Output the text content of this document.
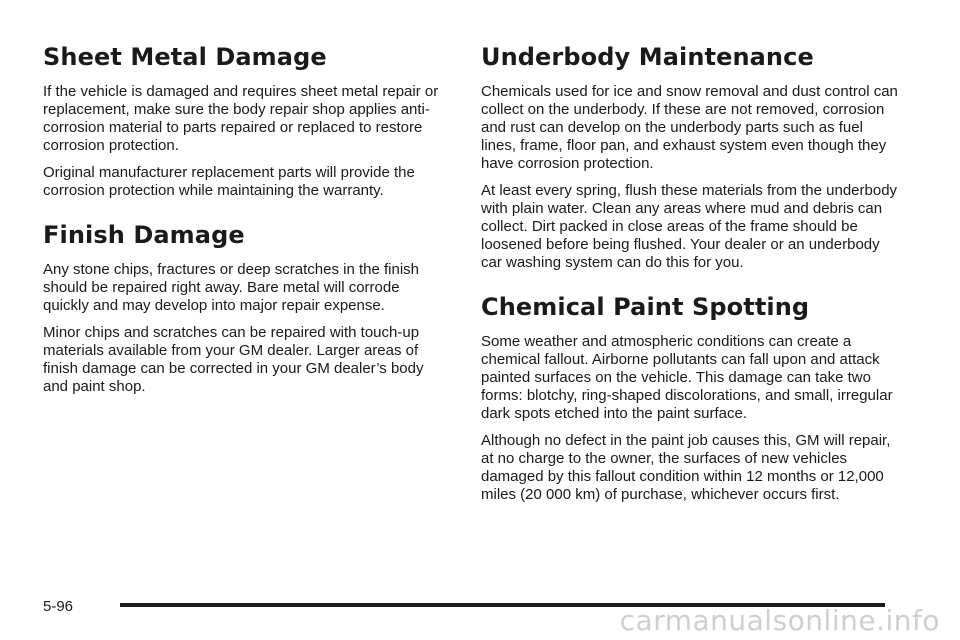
Sheet Metal Damage

If the vehicle is damaged and requires sheet metal repair or replacement, make sure the body repair shop applies anti-corrosion material to parts repaired or replaced to restore corrosion protection.

Original manufacturer replacement parts will provide the corrosion protection while maintaining the warranty.

Finish Damage

Any stone chips, fractures or deep scratches in the finish should be repaired right away. Bare metal will corrode quickly and may develop into major repair expense.

Minor chips and scratches can be repaired with touch-up materials available from your GM dealer. Larger areas of finish damage can be corrected in your GM dealer’s body and paint shop.

Underbody Maintenance

Chemicals used for ice and snow removal and dust control can collect on the underbody. If these are not removed, corrosion and rust can develop on the underbody parts such as fuel lines, frame, floor pan, and exhaust system even though they have corrosion protection.

At least every spring, flush these materials from the underbody with plain water. Clean any areas where mud and debris can collect. Dirt packed in close areas of the frame should be loosened before being flushed. Your dealer or an underbody car washing system can do this for you.

Chemical Paint Spotting

Some weather and atmospheric conditions can create a chemical fallout. Airborne pollutants can fall upon and attack painted surfaces on the vehicle. This damage can take two forms: blotchy, ring-shaped discolorations, and small, irregular dark spots etched into the paint surface.

Although no defect in the paint job causes this, GM will repair, at no charge to the owner, the surfaces of new vehicles damaged by this fallout condition within 12 months or 12,000 miles (20 000 km) of purchase, whichever occurs first.

5-96	carmanualsonline.info
